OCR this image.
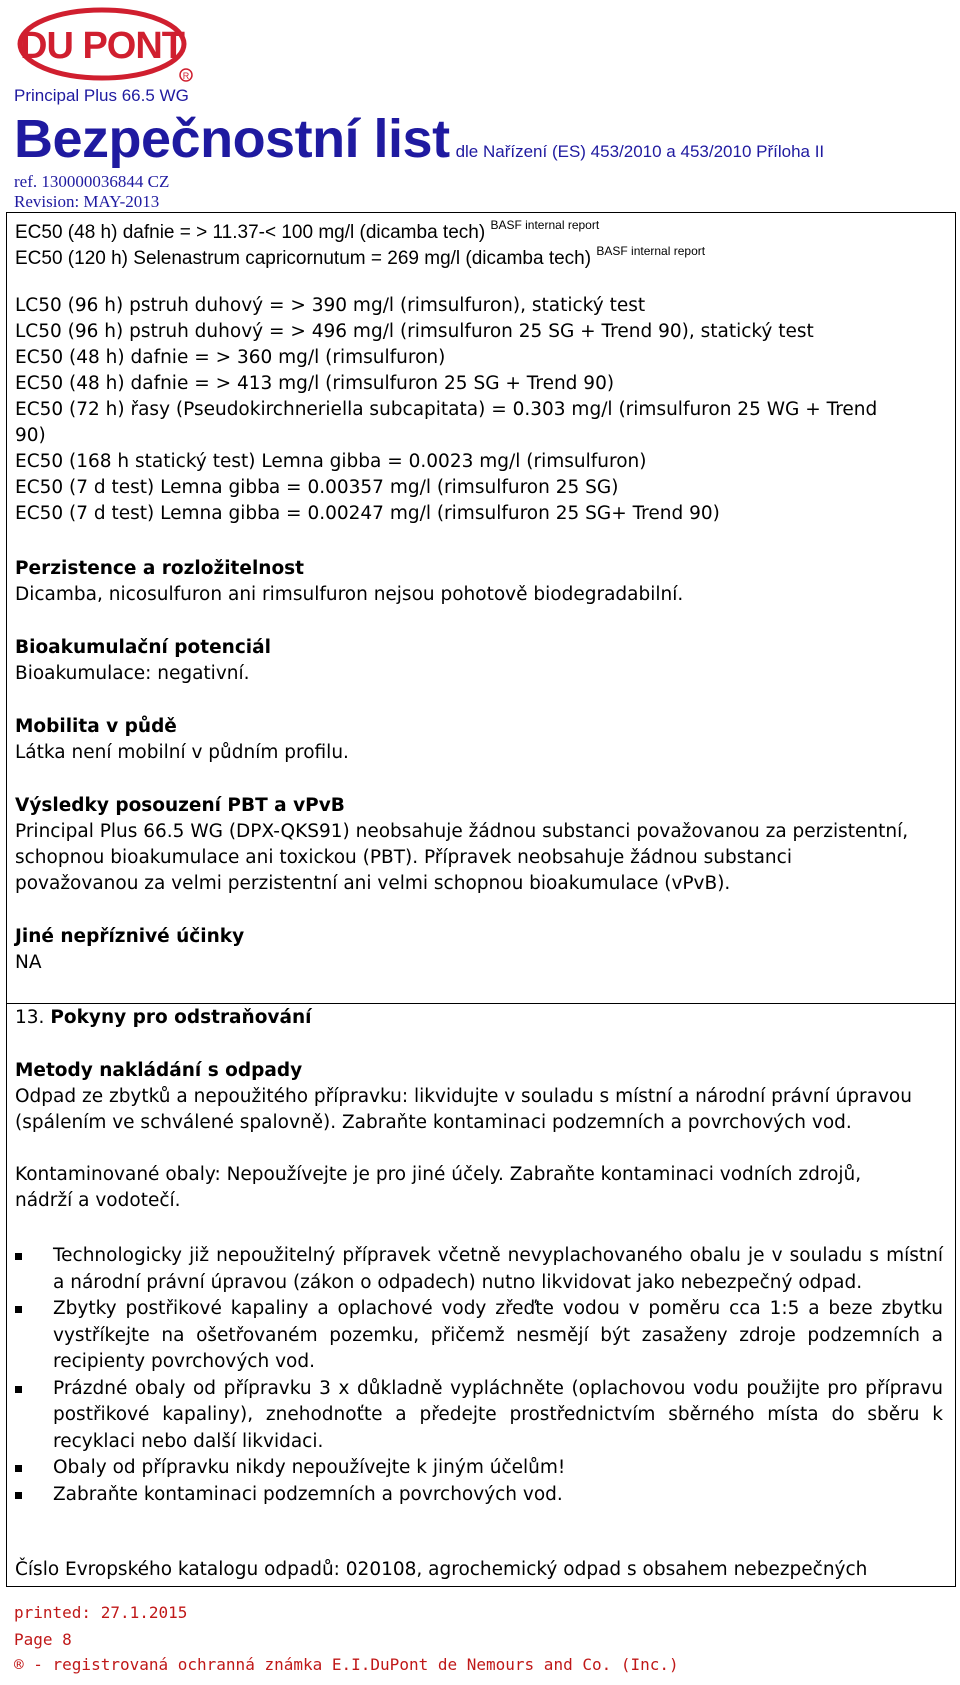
DU PONT
R
Principal Plus 66.5 WG
Bezpečnostní list dle Nařízení (ES) 453/2010 a 453/2010 Příloha II
ref. 130000036844 CZ
Revision: MAY-2013
EC50 (48 h) dafnie = > 11.37-< 100 mg/l (dicamba tech) $^{BASF internal report}$
EC50 (120 h) Selenastrum capricornutum = 269 mg/l (dicamba tech) $^{BASF internal report}$
LC50 (96 h) pstruh duhový = > 390 mg/l (rimsulfuron), statický test
LC50 (96 h) pstruh duhový = > 496 mg/l (rimsulfuron 25 SG + Trend 90), statický test
EC50 (48 h) dafnie = > 360 mg/l (rimsulfuron)
EC50 (48 h) dafnie = > 413 mg/l (rimsulfuron 25 SG + Trend 90)
EC50 (72 h) řasy (Pseudokirchneriella subcapitata) = 0.303 mg/l (rimsulfuron 25 WG + Trend
90)
EC50 (168 h statický test) Lemna gibba = 0.0023 mg/l (rimsulfuron)
EC50 (7 d test) Lemna gibba = 0.00357 mg/l (rimsulfuron 25 SG)
EC50 (7 d test) Lemna gibba = 0.00247 mg/l (rimsulfuron 25 SG+ Trend 90)
Perzistence a rozložitelnost
Dicamba, nicosulfuron ani rimsulfuron nejsou pohotově biodegradabilní.
Bioakumulační potenciál
Bioakumulace: negativní.
Mobilita v půdě
Látka není mobilní v půdním profilu.
Výsledky posouzení PBT a vPvB
Principal Plus 66.5 WG (DPX-QKS91) neobsahuje žádnou substanci považovanou za perzistentní,
schopnou bioakumulace ani toxickou (PBT). Přípravek neobsahuje žádnou substanci
považovanou za velmi perzistentní ani velmi schopnou bioakumulace (vPvB).
Jiné nepříznivé účinky
NA
13. Pokyny pro odstraňování
Metody nakládání s odpady
Odpad ze zbytků a nepoužitého přípravku: likvidujte v souladu s místní a národní právní úpravou
(spálením ve schválené spalovně). Zabraňte kontaminaci podzemních a povrchových vod.
Kontaminované obaly: Nepoužívejte je pro jiné účely. Zabraňte kontaminaci vodních zdrojů,
nádrží a vodotečí.
Technologicky již nepoužitelný přípravek včetně nevyplachovaného obalu je v souladu s místní a národní právní úpravou (zákon o odpadech) nutno likvidovat jako nebezpečný odpad.
Zbytky postřikové kapaliny a oplachové vody zřeďte vodou v poměru cca 1:5 a beze zbytku vystříkejte na ošetřovaném pozemku, přičemž nesmějí být zasaženy zdroje podzemních a recipienty povrchových vod.
Prázdné obaly od přípravku 3 x důkladně vypláchněte (oplachovou vodu použijte pro přípravu postřikové kapaliny), znehodnoťte a předejte prostřednictvím sběrného místa do sběru k recyklaci nebo další likvidaci.
Obaly od přípravku nikdy nepoužívejte k jiným účelům!
Zabraňte kontaminaci podzemních a povrchových vod.
Číslo Evropského katalogu odpadů: 020108, agrochemický odpad s obsahem nebezpečných
printed: 27.1.2015
Page 8
® - registrovaná ochranná známka E.I.DuPont de Nemours and Co. (Inc.)
